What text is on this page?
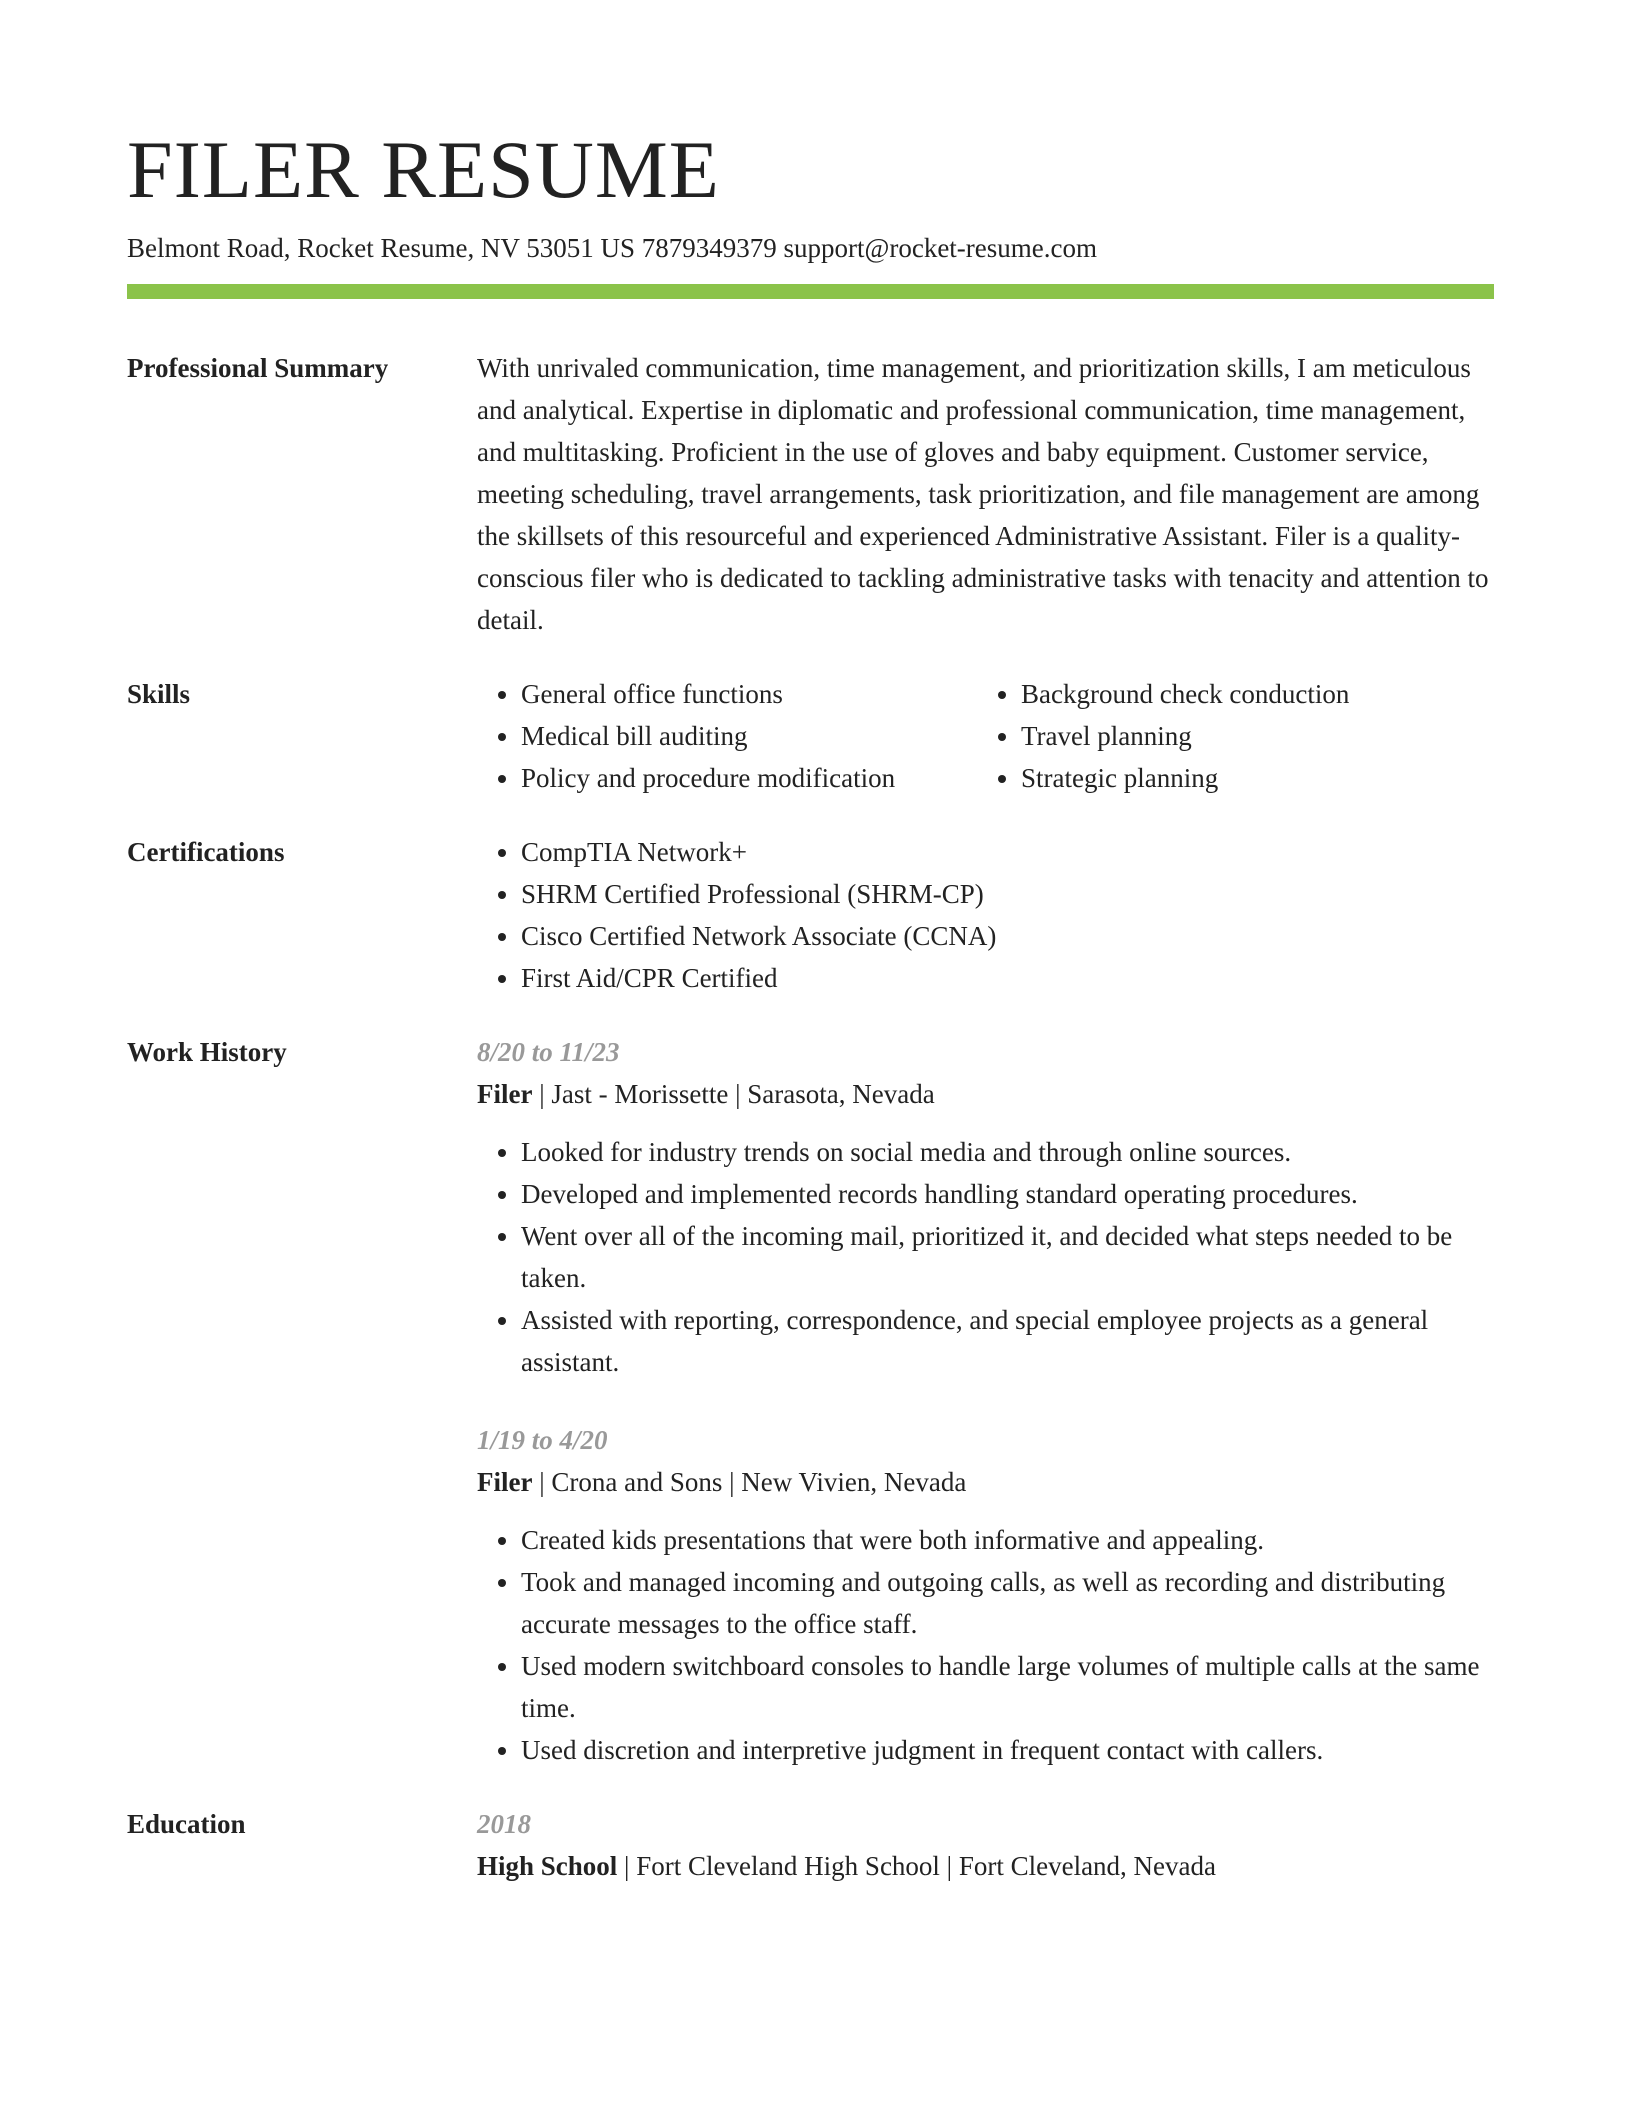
FILER RESUME
Belmont Road, Rocket Resume, NV 53051 US 7879349379 support@rocket-resume.com
Professional Summary	With unrivaled communication, time management, and prioritization skills, I am meticulous and analytical. Expertise in diplomatic and professional communication, time management, and multitasking. Proficient in the use of gloves and baby equipment. Customer service, meeting scheduling, travel arrangements, task prioritization, and file management are among the skillsets of this resourceful and experienced Administrative Assistant. Filer is a quality-conscious filer who is dedicated to tackling administrative tasks with tenacity and attention to detail.
Skills	• General office functions
• Medical bill auditing
• Policy and procedure modification
• Background check conduction
• Travel planning
• Strategic planning
Certifications	• CompTIA Network+
• SHRM Certified Professional (SHRM-CP)
• Cisco Certified Network Associate (CCNA)
• First Aid/CPR Certified
Work History	8/20 to 11/23
Filer | Jast - Morissette | Sarasota, Nevada
• Looked for industry trends on social media and through online sources.
• Developed and implemented records handling standard operating procedures.
• Went over all of the incoming mail, prioritized it, and decided what steps needed to be taken.
• Assisted with reporting, correspondence, and special employee projects as a general assistant.
1/19 to 4/20
Filer | Crona and Sons | New Vivien, Nevada
• Created kids presentations that were both informative and appealing.
• Took and managed incoming and outgoing calls, as well as recording and distributing accurate messages to the office staff.
• Used modern switchboard consoles to handle large volumes of multiple calls at the same time.
• Used discretion and interpretive judgment in frequent contact with callers.
Education	2018
High School | Fort Cleveland High School | Fort Cleveland, Nevada
